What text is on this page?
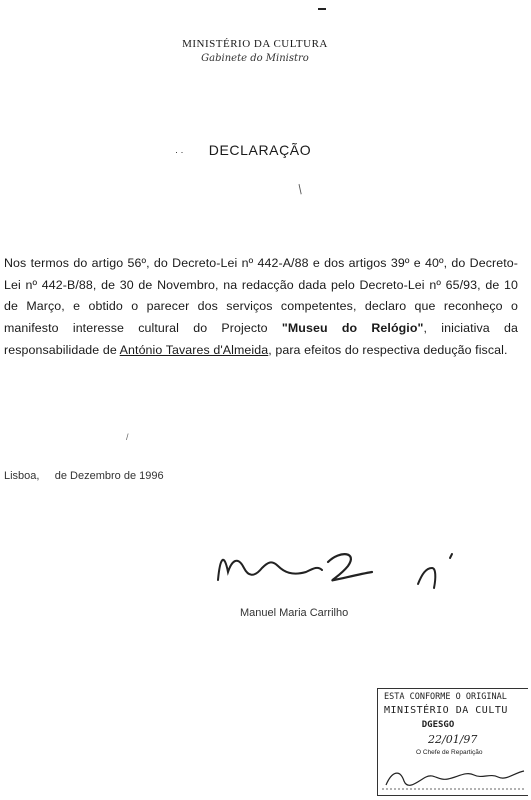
MINISTÉRIO DA CULTURA
Gabinete do Ministro
· ·	DECLARAÇÃO
/
Nos termos do artigo 56º, do Decreto-Lei nº 442-A/88 e dos artigos 39º e 40º, do Decreto-Lei nº 442-B/88, de 30 de Novembro, na redacção dada pelo Decreto-Lei nº 65/93, de 10 de Março, e obtido o parecer dos serviços competentes, declaro que reconheço o manifesto interesse cultural do Projecto "Museu do Relógio", iniciativa da responsabilidade de António Tavares d'Almeida, para efeitos do respectiva dedução fiscal.
/
Lisboa, de Dezembro de 1996
Manuel Maria Carrilho
ESTA CONFORME O ORIGINAL
MINISTÉRIO DA CULTU
DGESGO
22/01/97
O Chefe de Repartição
